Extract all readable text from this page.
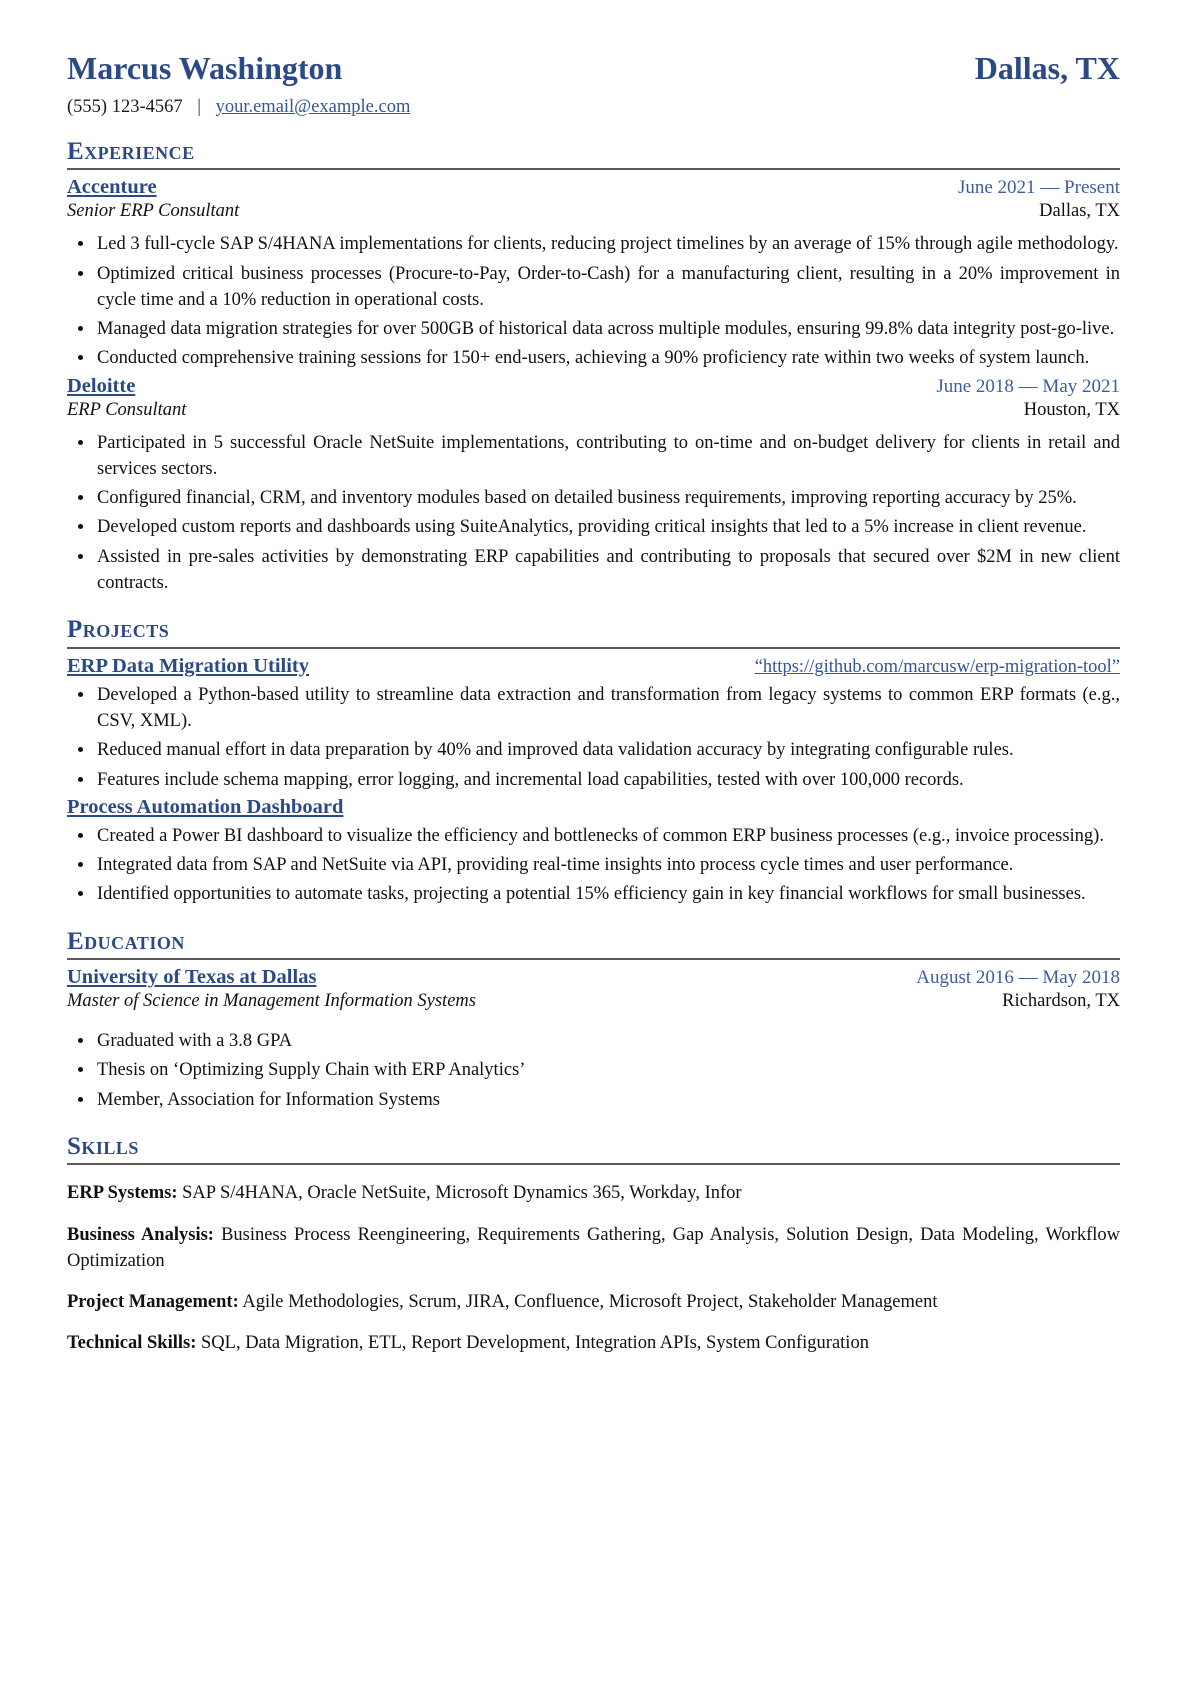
Marcus Washington	Dallas, TX
(555) 123-4567 | your.email@example.com
Experience
Accenture	June 2021 — Present
Senior ERP Consultant	Dallas, TX
• Led 3 full-cycle SAP S/4HANA implementations for clients, reducing project timelines by an average of 15% through agile methodology.
• Optimized critical business processes (Procure-to-Pay, Order-to-Cash) for a manufacturing client, resulting in a 20% improvement in cycle time and a 10% reduction in operational costs.
• Managed data migration strategies for over 500GB of historical data across multiple modules, ensuring 99.8% data integrity post-go-live.
• Conducted comprehensive training sessions for 150+ end-users, achieving a 90% proficiency rate within two weeks of system launch.
Deloitte	June 2018 — May 2021
ERP Consultant	Houston, TX
• Participated in 5 successful Oracle NetSuite implementations, contributing to on-time and on-budget delivery for clients in retail and services sectors.
• Configured financial, CRM, and inventory modules based on detailed business requirements, improving reporting accuracy by 25%.
• Developed custom reports and dashboards using SuiteAnalytics, providing critical insights that led to a 5% increase in client revenue.
• Assisted in pre-sales activities by demonstrating ERP capabilities and contributing to proposals that secured over $2M in new client contracts.
Projects
ERP Data Migration Utility	“https://github.com/marcusw/erp-migration-tool”
• Developed a Python-based utility to streamline data extraction and transformation from legacy systems to common ERP formats (e.g., CSV, XML).
• Reduced manual effort in data preparation by 40% and improved data validation accuracy by integrating configurable rules.
• Features include schema mapping, error logging, and incremental load capabilities, tested with over 100,000 records.
Process Automation Dashboard
• Created a Power BI dashboard to visualize the efficiency and bottlenecks of common ERP business processes (e.g., invoice processing).
• Integrated data from SAP and NetSuite via API, providing real-time insights into process cycle times and user performance.
• Identified opportunities to automate tasks, projecting a potential 15% efficiency gain in key financial workflows for small businesses.
Education
University of Texas at Dallas	August 2016 — May 2018
Master of Science in Management Information Systems	Richardson, TX
• Graduated with a 3.8 GPA
• Thesis on ‘Optimizing Supply Chain with ERP Analytics’
• Member, Association for Information Systems
Skills

ERP Systems: SAP S/4HANA, Oracle NetSuite, Microsoft Dynamics 365, Workday, Infor

Business Analysis: Business Process Reengineering, Requirements Gathering, Gap Analysis, Solution Design, Data Modeling, Workflow Optimization

Project Management: Agile Methodologies, Scrum, JIRA, Confluence, Microsoft Project, Stakeholder Management

Technical Skills: SQL, Data Migration, ETL, Report Development, Integration APIs, System Configuration
